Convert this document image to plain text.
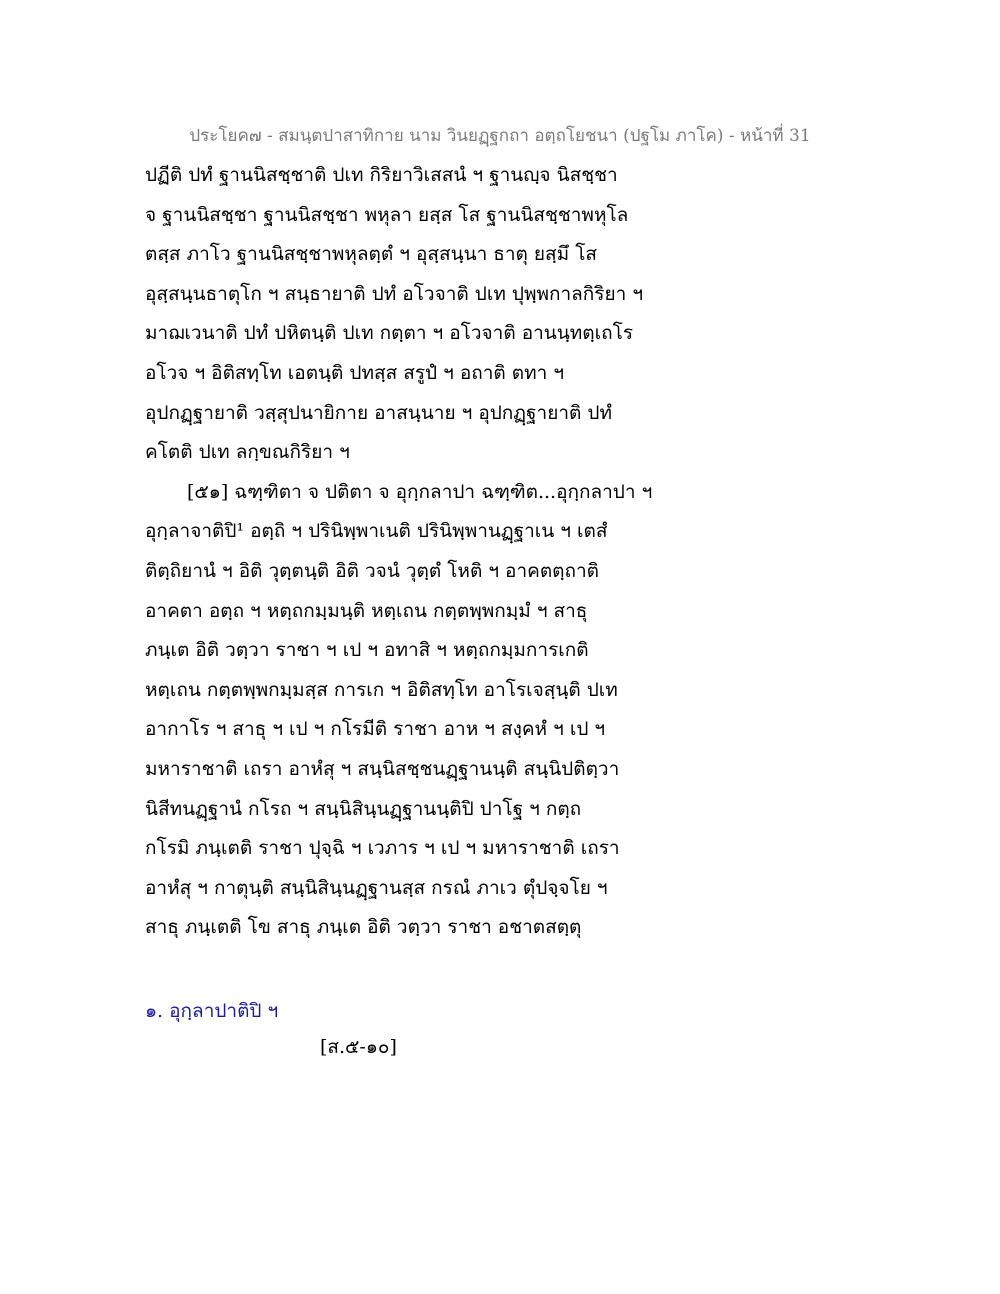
ประโยค๗ - สมนฺตปาสาทิกาย นาม วินยฏฺฐกถา อตฺถโยชนา (ปฐโม ภาโค) - หน้าที่ 31
ปฏีติ ปทํ ฐานนิสชฺชาติ ปเท กิริยาวิเสสนํ ฯ ฐานญฺจ นิสชฺชา
จ ฐานนิสชฺชา ฐานนิสชฺชา พหุลา ยสฺส โส ฐานนิสชฺชาพหุโล
ตสฺส ภาโว ฐานนิสชฺชาพหุลตฺตํ ฯ อุสฺสนฺนา ธาตุ ยสฺมึ โส
อุสฺสนฺนธาตุโก ฯ สนฺธายาติ ปทํ อโวจาติ ปเท ปุพฺพกาลกิริยา ฯ
มาฌเวนาติ ปทํ ปหิตนฺติ ปเท กตฺตา ฯ อโวจาติ อานนฺทตฺเถโร
อโวจ ฯ อิติสทฺโท เอตนฺติ ปทสฺส สรูปํ ฯ อถาติ ตทา ฯ
อุปกฏฺฐายาติ วสฺสุปนายิกาย อาสนฺนาย ฯ อุปกฏฺฐายาติ ปทํ
คโตติ ปเท ลกฺขณกิริยา ฯ
[๕๑] ฉฑฺฑิตา จ ปติตา จ อุกฺกลาปา ฉฑฺฑิต...อุกฺกลาปา ฯ
อุกฺลาจาติปิ¹ อตฺถิ ฯ ปรินิพฺพาเนติ ปรินิพฺพานฏฺฐาเน ฯ เตสํ
ติตฺถิยานํ ฯ อิติ วุตฺตนฺติ อิติ วจนํ วุตฺตํ โหติ ฯ อาคตตฺถาติ
อาคตา อตฺถ ฯ หตฺถกมฺมนฺติ หตฺเถน กตฺตพฺพกมฺมํ ฯ สาธุ
ภนฺเต อิติ วตฺวา ราชา ฯ เป ฯ อทาสิ ฯ หตฺถกมฺมการเกติ
หตฺเถน กตฺตพฺพกมฺมสฺส การเก ฯ อิติสทฺโท อาโรเจสฺนฺติ ปเท
อากาโร ฯ สาธุ ฯ เป ฯ กโรมีติ ราชา อาห ฯ สงฺคหํ ฯ เป ฯ
มหาราชาติ เถรา อาหํสุ ฯ สนฺนิสชฺชนฏฺฐานนฺติ สนฺนิปติตฺวา
นิสีทนฏฺฐานํ กโรถ ฯ สนฺนิสินฺนฏฺฐานนฺติปิ ปาโฐ ฯ กตฺถ
กโรมิ ภนฺเตติ ราชา ปุจฺฉิ ฯ เวภาร ฯ เป ฯ มหาราชาติ เถรา
อาหํสุ ฯ กาตุนฺติ สนฺนิสินฺนฏฺฐานสฺส กรณํ ภาเว ตุํปจฺจโย ฯ
สาธุ ภนฺเตติ โข สาธุ ภนฺเต อิติ วตฺวา ราชา อชาตสตฺตุ
๑. อุกฺลาปาติปิ ฯ
[ส.๕-๑๐]
